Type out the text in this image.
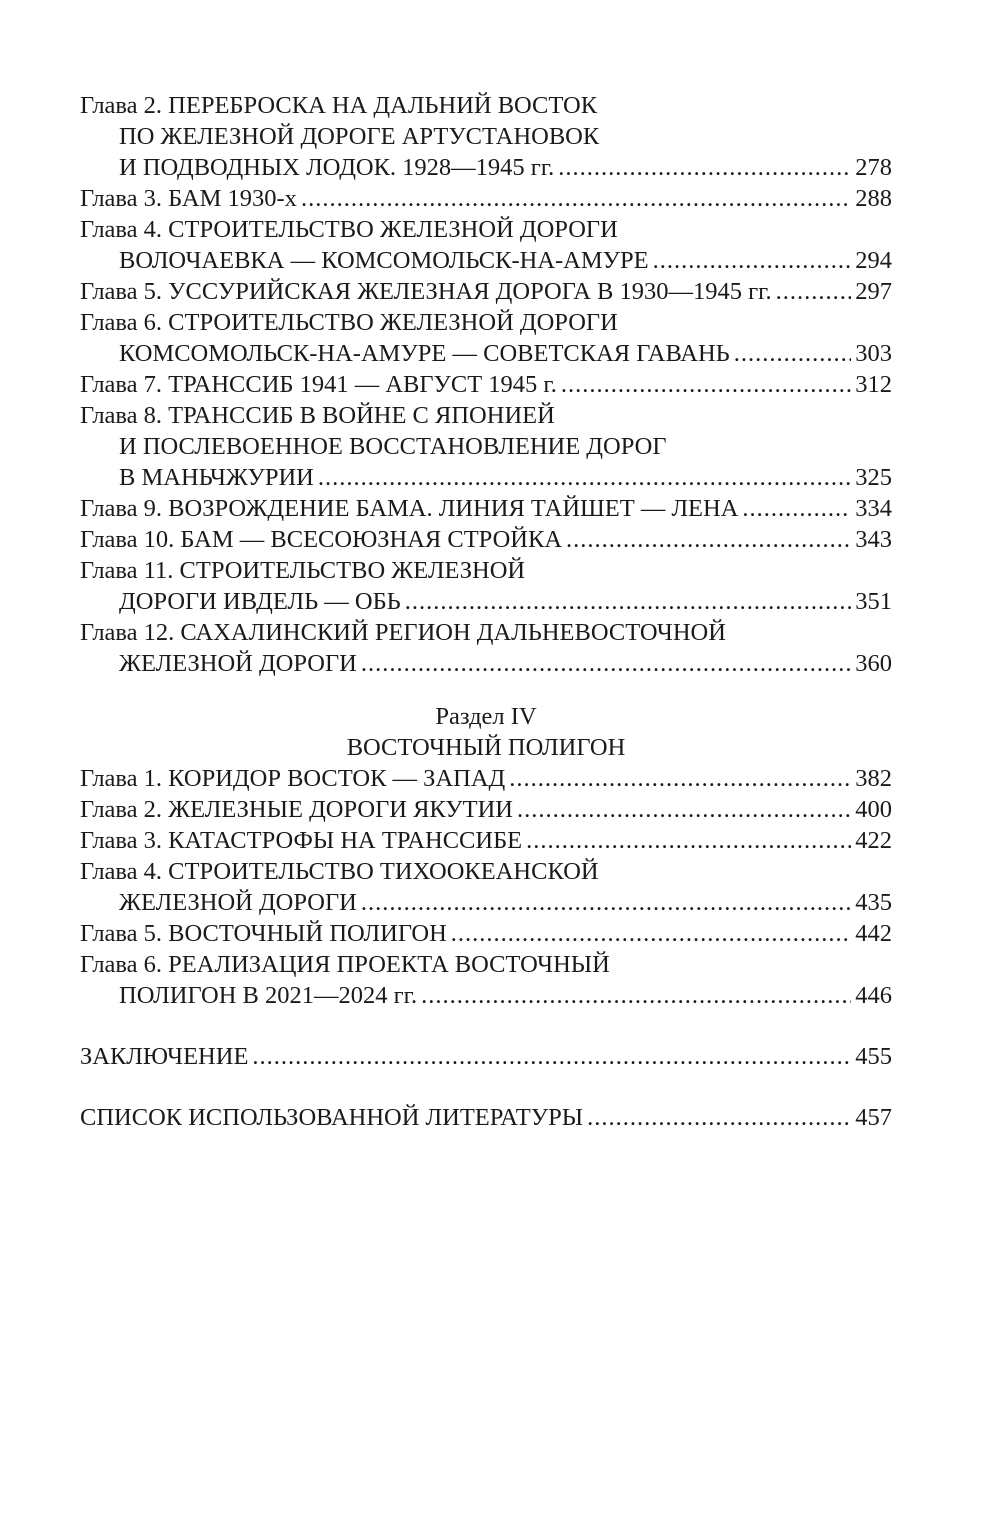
Глава 2. ПЕРЕБРОСКА НА ДАЛЬНИЙ ВОСТОК
ПО ЖЕЛЕЗНОЙ ДОРОГЕ АРТУСТАНОВОК
И ПОДВОДНЫХ ЛОДОК. 1928—1945 гг. .....	278
Глава 3. БАМ 1930-х .....	288
Глава 4. СТРОИТЕЛЬСТВО ЖЕЛЕЗНОЙ ДОРОГИ
ВОЛОЧАЕВКА — КОМСОМОЛЬСК-НА-АМУРЕ .....	294
Глава 5. УССУРИЙСКАЯ ЖЕЛЕЗНАЯ ДОРОГА В 1930—1945 гг. .....	297
Глава 6. СТРОИТЕЛЬСТВО ЖЕЛЕЗНОЙ ДОРОГИ
КОМСОМОЛЬСК-НА-АМУРЕ — СОВЕТСКАЯ ГАВАНЬ .....	303
Глава 7. ТРАНССИБ 1941 — АВГУСТ 1945 г. .....	312
Глава 8. ТРАНССИБ В ВОЙНЕ С ЯПОНИЕЙ
И ПОСЛЕВОЕННОЕ ВОССТАНОВЛЕНИЕ ДОРОГ
В МАНЬЧЖУРИИ .....	325
Глава 9. ВОЗРОЖДЕНИЕ БАМА. ЛИНИЯ ТАЙШЕТ — ЛЕНА .....	334
Глава 10. БАМ — ВСЕСОЮЗНАЯ СТРОЙКА .....	343
Глава 11. СТРОИТЕЛЬСТВО ЖЕЛЕЗНОЙ
ДОРОГИ ИВДЕЛЬ — ОБЬ .....	351
Глава 12. САХАЛИНСКИЙ РЕГИОН ДАЛЬНЕВОСТОЧНОЙ
ЖЕЛЕЗНОЙ ДОРОГИ .....	360
Раздел IV
ВОСТОЧНЫЙ ПОЛИГОН
Глава 1. КОРИДОР ВОСТОК — ЗАПАД .....	382
Глава 2. ЖЕЛЕЗНЫЕ ДОРОГИ ЯКУТИИ .....	400
Глава 3. КАТАСТРОФЫ НА ТРАНССИБЕ .....	422
Глава 4. СТРОИТЕЛЬСТВО ТИХООКЕАНСКОЙ
ЖЕЛЕЗНОЙ ДОРОГИ .....	435
Глава 5. ВОСТОЧНЫЙ ПОЛИГОН .....	442
Глава 6. РЕАЛИЗАЦИЯ ПРОЕКТА ВОСТОЧНЫЙ
ПОЛИГОН В 2021—2024 гг. .....	446
ЗАКЛЮЧЕНИЕ .....	455
СПИСОК ИСПОЛЬЗОВАННОЙ ЛИТЕРАТУРЫ .....	457
